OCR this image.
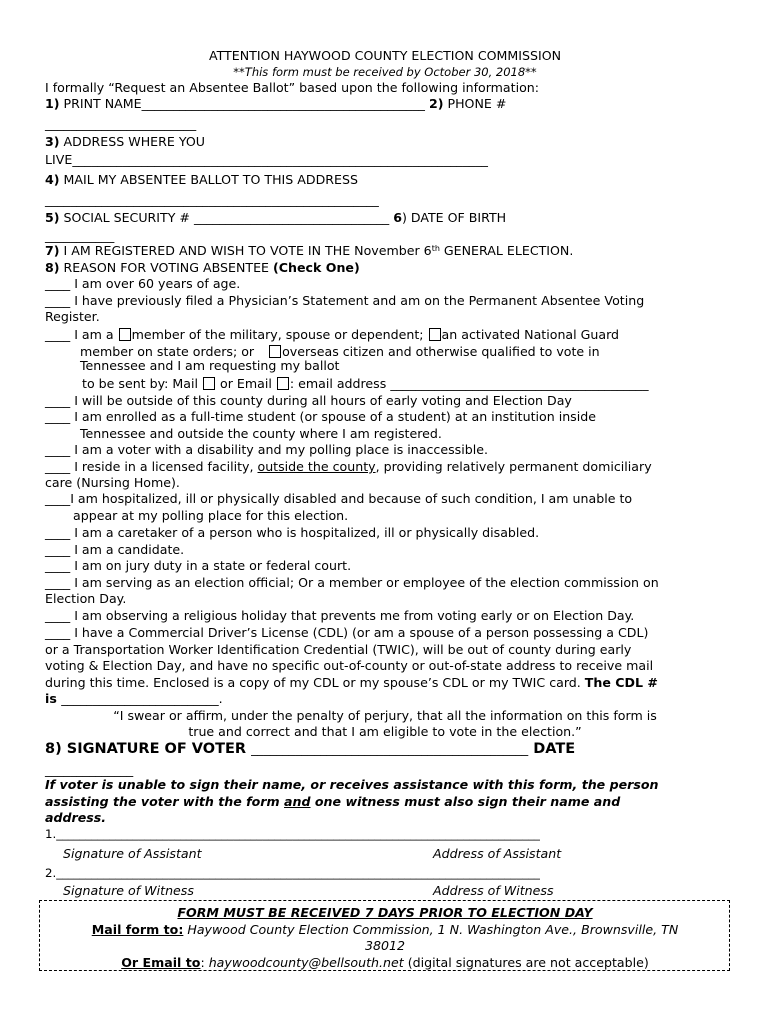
ATTENTION HAYWOOD COUNTY ELECTION COMMISSION
**This form must be received by October 30, 2018**
I formally “Request an Absentee Ballot” based upon the following information:
1) PRINT NAME_____________________________________________ 2) PHONE #
________________________
3) ADDRESS WHERE YOU
LIVE__________________________________________________________________
4) MAIL MY ABSENTEE BALLOT TO THIS ADDRESS
_____________________________________________________
5) SOCIAL SECURITY # _______________________________ 6) DATE OF BIRTH
___________
7) I AM REGISTERED AND WISH TO VOTE IN THE November 6th GENERAL ELECTION.
8) REASON FOR VOTING ABSENTEE (Check One)
____ I am over 60 years of age.
____ I have previously filed a Physician’s Statement and am on the Permanent Absentee Voting
Register.
____ I am a member of the military, spouse or dependent; an activated National Guard
member on state orders; or overseas citizen and otherwise qualified to vote in
Tennessee and I am requesting my ballot
to be sent by: Mail  or Email : email address _________________________________________
____ I will be outside of this county during all hours of early voting and Election Day
____ I am enrolled as a full-time student (or spouse of a student) at an institution inside
Tennessee and outside the county where I am registered.
____ I am a voter with a disability and my polling place is inaccessible.
____ I reside in a licensed facility, outside the county, providing relatively permanent domiciliary
care (Nursing Home).
____I am hospitalized, ill or physically disabled and because of such condition, I am unable to
appear at my polling place for this election.
____ I am a caretaker of a person who is hospitalized, ill or physically disabled.
____ I am a candidate.
____ I am on jury duty in a state or federal court.
____ I am serving as an election official; Or a member or employee of the election commission on
Election Day.
____ I am observing a religious holiday that prevents me from voting early or on Election Day.
____ I have a Commercial Driver’s License (CDL) (or am a spouse of a person possessing a CDL)
or a Transportation Worker Identification Credential (TWIC), will be out of county during early
voting & Election Day, and have no specific out-of-county or out-of-state address to receive mail
during this time. Enclosed is a copy of my CDL or my spouse’s CDL or my TWIC card. The CDL #
is _________________________.
“I swear or affirm, under the penalty of perjury, that all the information on this form is
true and correct and that I am eligible to vote in the election.”
8) SIGNATURE OF VOTER ____________________________________________ DATE
______________
If voter is unable to sign their name, or receives assistance with this form, the person
assisting the voter with the form and one witness must also sign their name and
address.
1.__________________________________________________________________________________
Signature of Assistant	Address of Assistant
2.__________________________________________________________________________________
Signature of Witness	Address of Witness
FORM MUST BE RECEIVED 7 DAYS PRIOR TO ELECTION DAY
Mail form to: Haywood County Election Commission, 1 N. Washington Ave., Brownsville, TN
38012
Or Email to: haywoodcounty@bellsouth.net (digital signatures are not acceptable)
